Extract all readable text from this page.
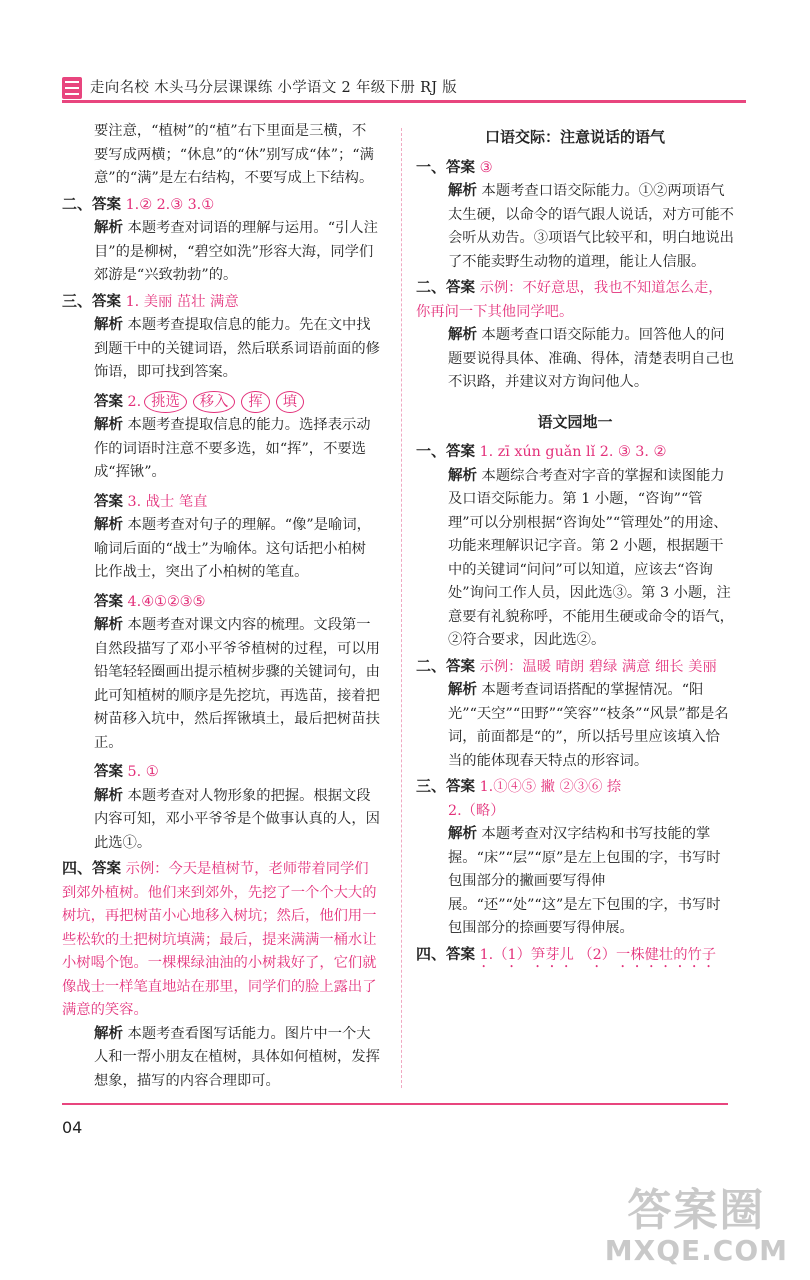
走向名校 木头马分层课课练 小学语文 2 年级下册 RJ 版

要注意，“植树”的“植”右下里面是三横，不要写成两横；“休息”的“休”别写成“体”；“满意”的“满”是左右结构，不要写成上下结构。

二、答案 1.② 2.③ 3.①

解析 本题考查对词语的理解与运用。“引人注目”的是柳树，“碧空如洗”形容大海，同学们郊游是“兴致勃勃”的。

三、答案 1. 美丽 茁壮 满意

解析 本题考查提取信息的能力。先在文中找到题干中的关键词语，然后联系词语前面的修饰语，即可找到答案。

答案 2. 挑选 移入 挥 填

解析 本题考查提取信息的能力。选择表示动作的词语时注意不要多选，如“挥”，不要选成“挥锹”。

答案 3. 战士 笔直

解析 本题考查对句子的理解。“像”是喻词，喻词后面的“战士”为喻体。这句话把小柏树比作战士，突出了小柏树的笔直。

答案 4.④①②③⑤

解析 本题考查对课文内容的梳理。文段第一自然段描写了邓小平爷爷植树的过程，可以用铅笔轻轻圈画出提示植树步骤的关键词句，由此可知植树的顺序是先挖坑，再选苗，接着把树苗移入坑中，然后挥锹填土，最后把树苗扶正。

答案 5. ①

解析 本题考查对人物形象的把握。根据文段内容可知，邓小平爷爷是个做事认真的人，因此选①。

四、答案 示例：今天是植树节，老师带着同学们到郊外植树。他们来到郊外，先挖了一个个大大的树坑，再把树苗小心地移入树坑；然后，他们用一些松软的土把树坑填满；最后，提来满满一桶水让小树喝个饱。一棵棵绿油油的小树栽好了，它们就像战士一样笔直地站在那里，同学们的脸上露出了满意的笑容。

解析 本题考查看图写话能力。图片中一个大人和一帮小朋友在植树，具体如何植树，发挥想象，描写的内容合理即可。

口语交际：注意说话的语气

一、答案 ③

解析 本题考查口语交际能力。①②两项语气太生硬，以命令的语气跟人说话，对方可能不会听从劝告。③项语气比较平和，明白地说出了不能卖野生动物的道理，能让人信服。

二、答案 示例：不好意思，我也不知道怎么走，你再问一下其他同学吧。

解析 本题考查口语交际能力。回答他人的问题要说得具体、准确、得体，清楚表明自己也不识路，并建议对方询问他人。

语文园地一

一、答案 1. zī xún guǎn lǐ 2. ③ 3. ②

解析 本题综合考查对字音的掌握和读图能力及口语交际能力。第 1 小题，“咨询”“管理”可以分别根据“咨询处”“管理处”的用途、功能来理解识记字音。第 2 小题，根据题干中的关键词“问问”可以知道，应该去“咨询处”询问工作人员，因此选③。第 3 小题，注意要有礼貌称呼，不能用生硬或命令的语气，②符合要求，因此选②。

二、答案 示例：温暖 晴朗 碧绿 满意 细长 美丽

解析 本题考查词语搭配的掌握情况。“阳光”“天空”“田野”“笑容”“枝条”“风景”都是名词，前面都是“的”，所以括号里应该填入恰当的能体现春天特点的形容词。

三、答案 1.①④⑤ 撇 ②③⑥ 捺

2.（略）

解析 本题考查对汉字结构和书写技能的掌握。“床”“层”“原”是左上包围的字，书写时包围部分的撇画要写得伸展。“还”“处”“这”是左下包围的字，书写时包围部分的捺画要写得伸展。

四、答案 1.（1）笋芽儿 （2）一株健壮的竹子

04
答案圈
MXQE.COM
